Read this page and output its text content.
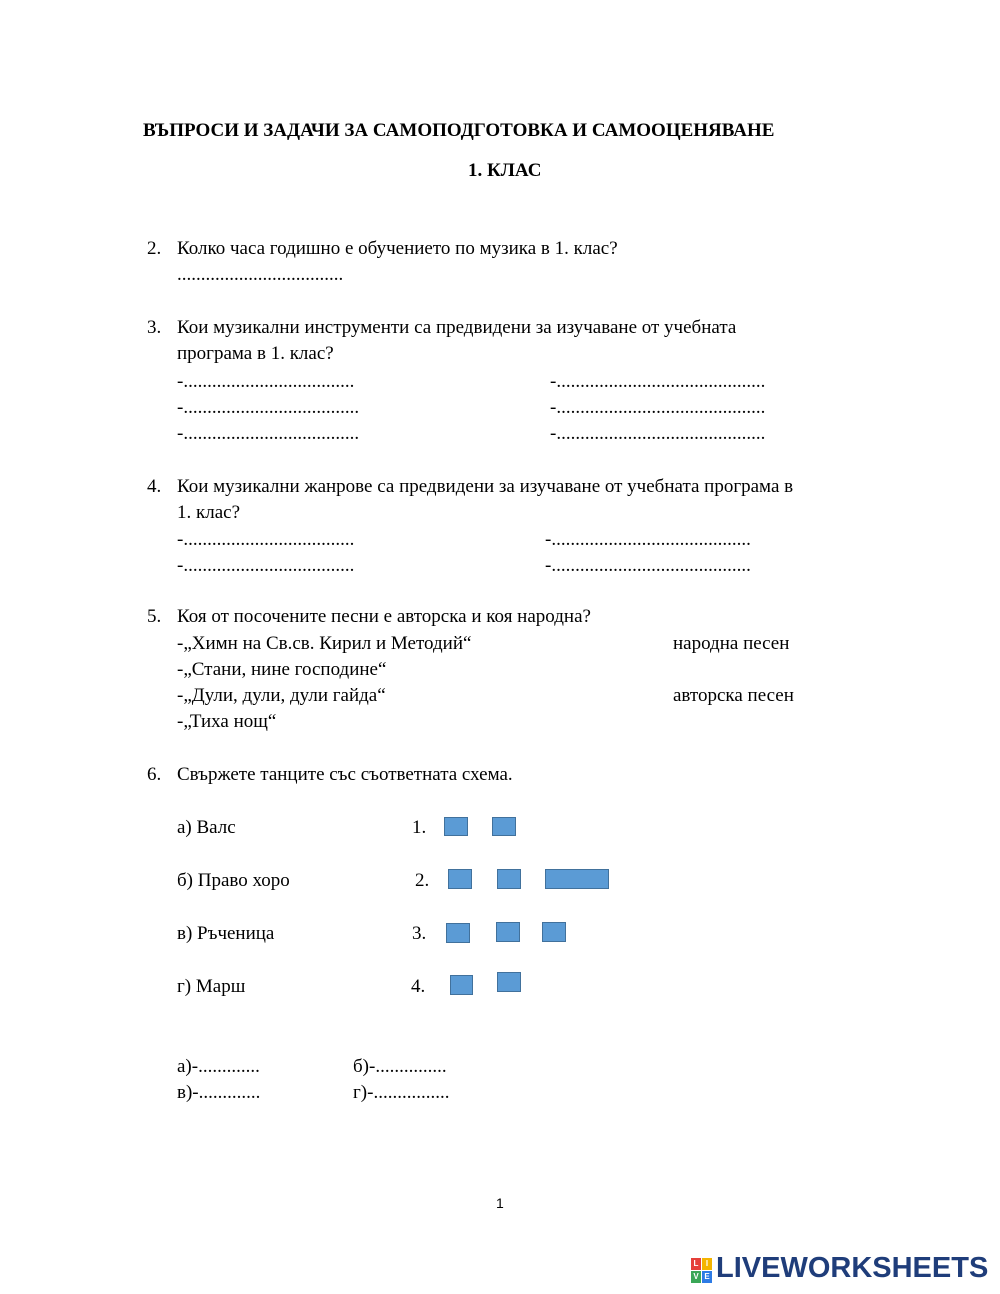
ВЪПРОСИ И ЗАДАЧИ ЗА САМОПОДГОТОВКА И САМООЦЕНЯВАНЕ
1. КЛАС
2. Колко часа годишно е обучението по музика в 1. клас?
...................................
3. Кои музикални инструменти са предвидени за изучаване от учебната
програма в 1. клас?
-....................................
-.....................................
-.....................................
-............................................
-............................................
-............................................
4. Кои музикални жанрове са предвидени за изучаване от учебната програма в
1. клас?
-....................................
-....................................
-..........................................
-..........................................
5. Коя от посочените песни е авторска и коя народна?
-„Химн на Св.св. Кирил и Методий“
-„Стани, нине господине“
-„Дули, дули, дули гайда“
-„Тиха нощ“
народна песен
авторска песен
6. Свържете танците със съответната схема.
а) Валс
б) Право хоро
в) Ръченица
г) Марш
1.
2.
3.
4.
а)-.............	б)-...............
в)-.............	г)-................
1
L I
V E LIVEWORKSHEETS
